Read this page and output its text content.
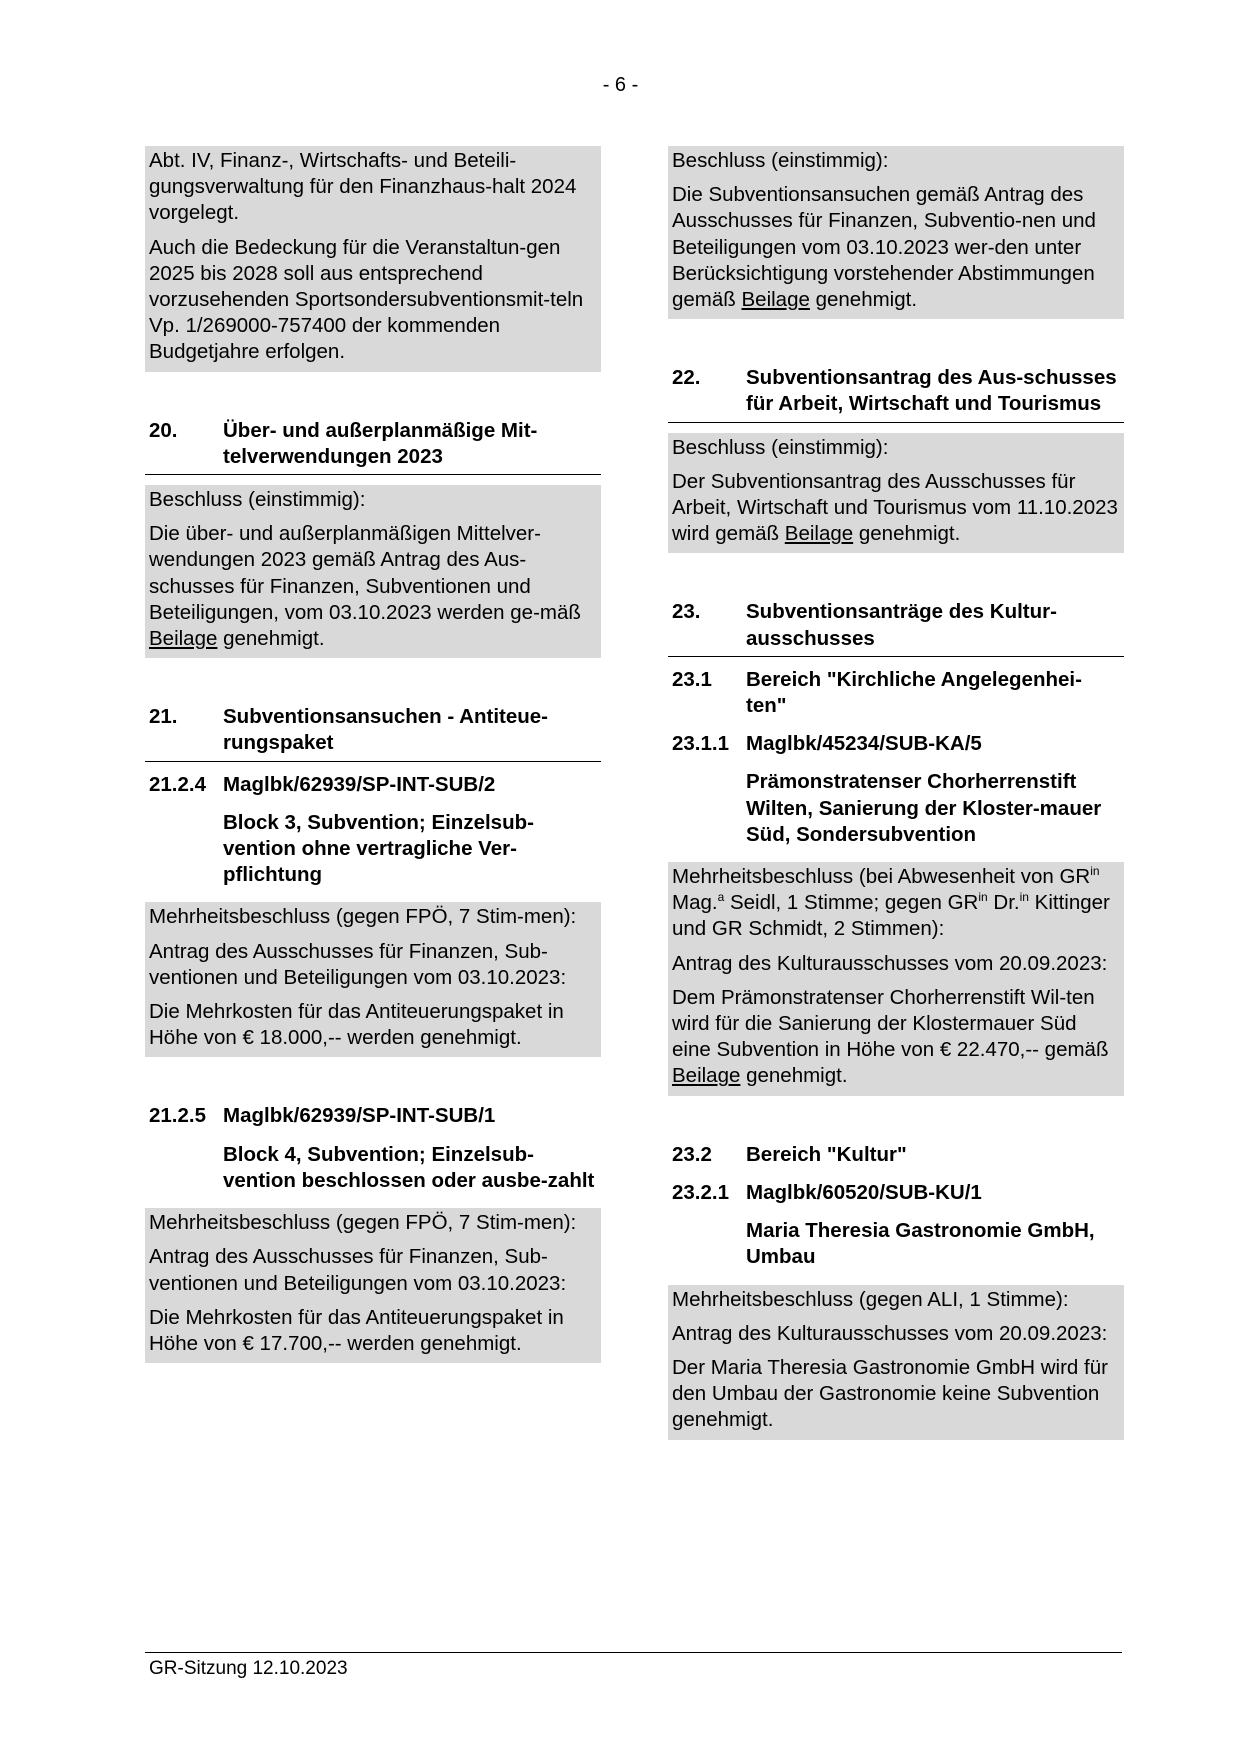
- 6 -

Abt. IV, Finanz-, Wirtschafts- und Beteili-gungsverwaltung für den Finanzhaus-halt 2024 vorgelegt.

Auch die Bedeckung für die Veranstaltun-gen 2025 bis 2028 soll aus entsprechend vorzusehenden Sportsondersubventionsmit-teln Vp. 1/269000-757400 der kommenden Budgetjahre erfolgen.

20.	Über- und außerplanmäßige Mit-telverwendungen 2023

Beschluss (einstimmig):

Die über- und außerplanmäßigen Mittelver-wendungen 2023 gemäß Antrag des Aus-schusses für Finanzen, Subventionen und Beteiligungen, vom 03.10.2023 werden ge-mäß Beilage genehmigt.

21.	Subventionsansuchen - Antiteue-rungspaket
21.2.4 Maglbk/62939/SP-INT-SUB/2
Block 3, Subvention; Einzelsub-vention ohne vertragliche Ver-pflichtung

Mehrheitsbeschluss (gegen FPÖ, 7 Stim-men):

Antrag des Ausschusses für Finanzen, Sub-ventionen und Beteiligungen vom 03.10.2023:

Die Mehrkosten für das Antiteuerungspaket in Höhe von € 18.000,-- werden genehmigt.

21.2.5 Maglbk/62939/SP-INT-SUB/1
Block 4, Subvention; Einzelsub-vention beschlossen oder ausbe-zahlt

Mehrheitsbeschluss (gegen FPÖ, 7 Stim-men):

Antrag des Ausschusses für Finanzen, Sub-ventionen und Beteiligungen vom 03.10.2023:

Die Mehrkosten für das Antiteuerungspaket in Höhe von € 17.700,-- werden genehmigt.

Beschluss (einstimmig):

Die Subventionsansuchen gemäß Antrag des Ausschusses für Finanzen, Subventio-nen und Beteiligungen vom 03.10.2023 wer-den unter Berücksichtigung vorstehender Abstimmungen gemäß Beilage genehmigt.

22.	Subventionsantrag des Aus-schusses für Arbeit, Wirtschaft und Tourismus

Beschluss (einstimmig):

Der Subventionsantrag des Ausschusses für Arbeit, Wirtschaft und Tourismus vom 11.10.2023 wird gemäß Beilage genehmigt.

23.	Subventionsanträge des Kultur-ausschusses
23.1	Bereich "Kirchliche Angelegenhei-ten"
23.1.1 Maglbk/45234/SUB-KA/5
Prämonstratenser Chorherrenstift Wilten, Sanierung der Kloster-mauer Süd, Sondersubvention

Mehrheitsbeschluss (bei Abwesenheit von $GR^{in}$ Mag.$^a$ Seidl, 1 Stimme; gegen $GR^{in}$ Dr.$^{in}$ Kittinger und GR Schmidt, 2 Stimmen):

Antrag des Kulturausschusses vom 20.09.2023:

Dem Prämonstratenser Chorherrenstift Wil-ten wird für die Sanierung der Klostermauer Süd eine Subvention in Höhe von € 22.470,-- gemäß Beilage genehmigt.

23.2	Bereich "Kultur"
23.2.1 Maglbk/60520/SUB-KU/1
Maria Theresia Gastronomie GmbH, Umbau

Mehrheitsbeschluss (gegen ALI, 1 Stimme):

Antrag des Kulturausschusses vom 20.09.2023:

Der Maria Theresia Gastronomie GmbH wird für den Umbau der Gastronomie keine Subvention genehmigt.

GR-Sitzung 12.10.2023
